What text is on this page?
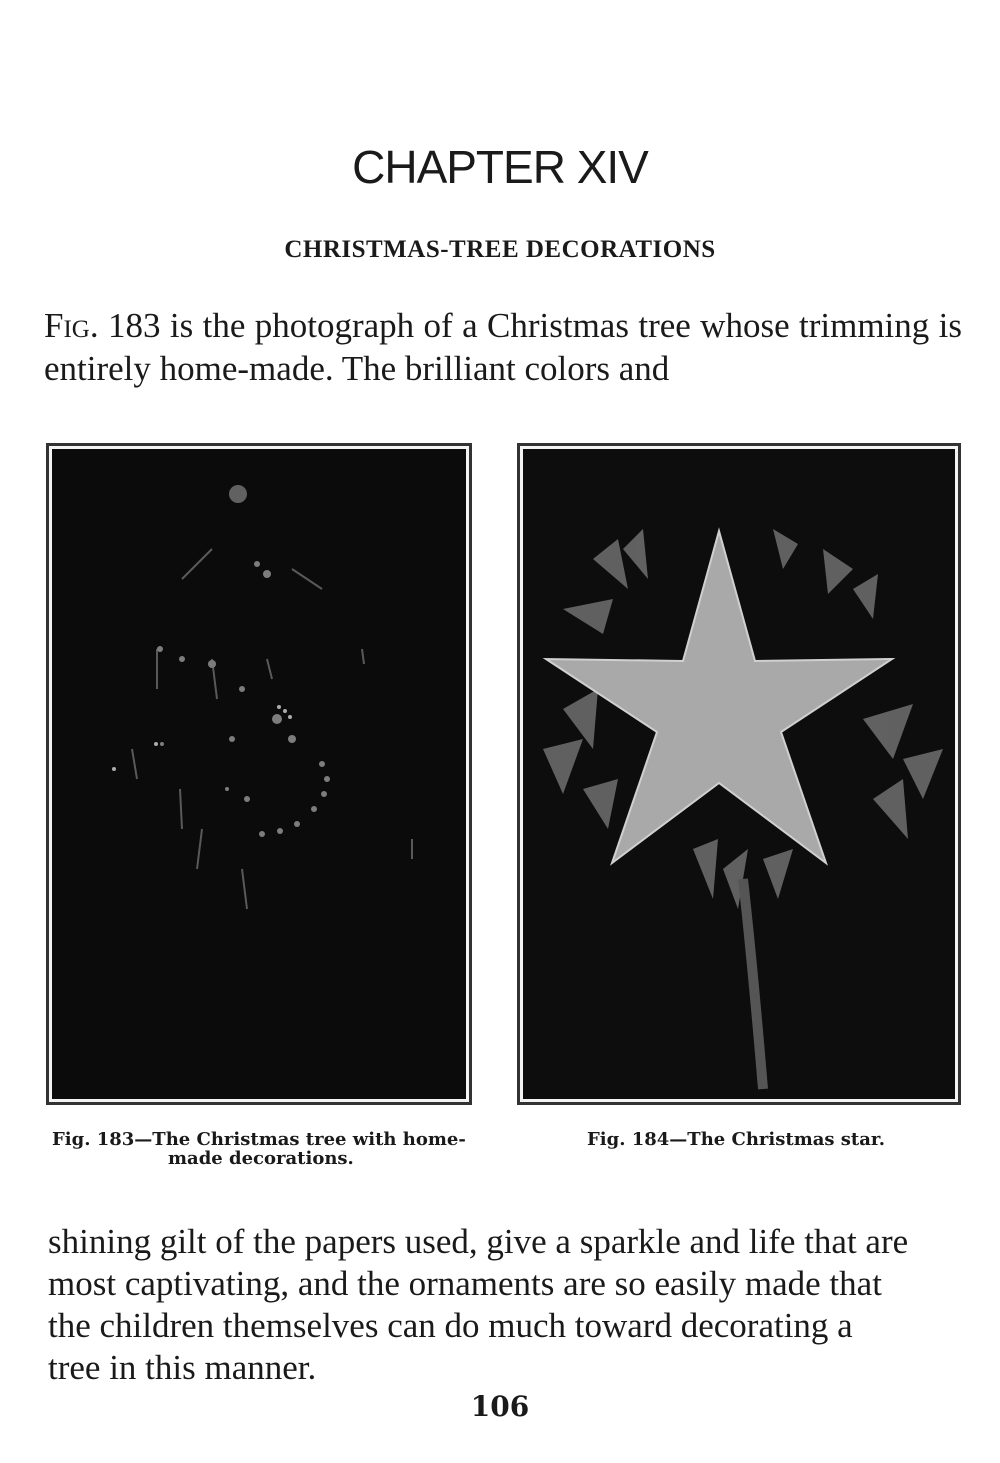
CHAPTER XIV
CHRISTMAS-TREE DECORATIONS

Fig. 183 is the photograph of a Christmas tree whose trimming is entirely home-made. The brilliant colors and

Fig. 183—The Christmas tree with home-
made decorations.

Fig. 184—The Christmas star.

shining gilt of the papers used, give a sparkle and life that are
most captivating, and the ornaments are so easily made that
the children themselves can do much toward decorating a
tree in this manner.

106
